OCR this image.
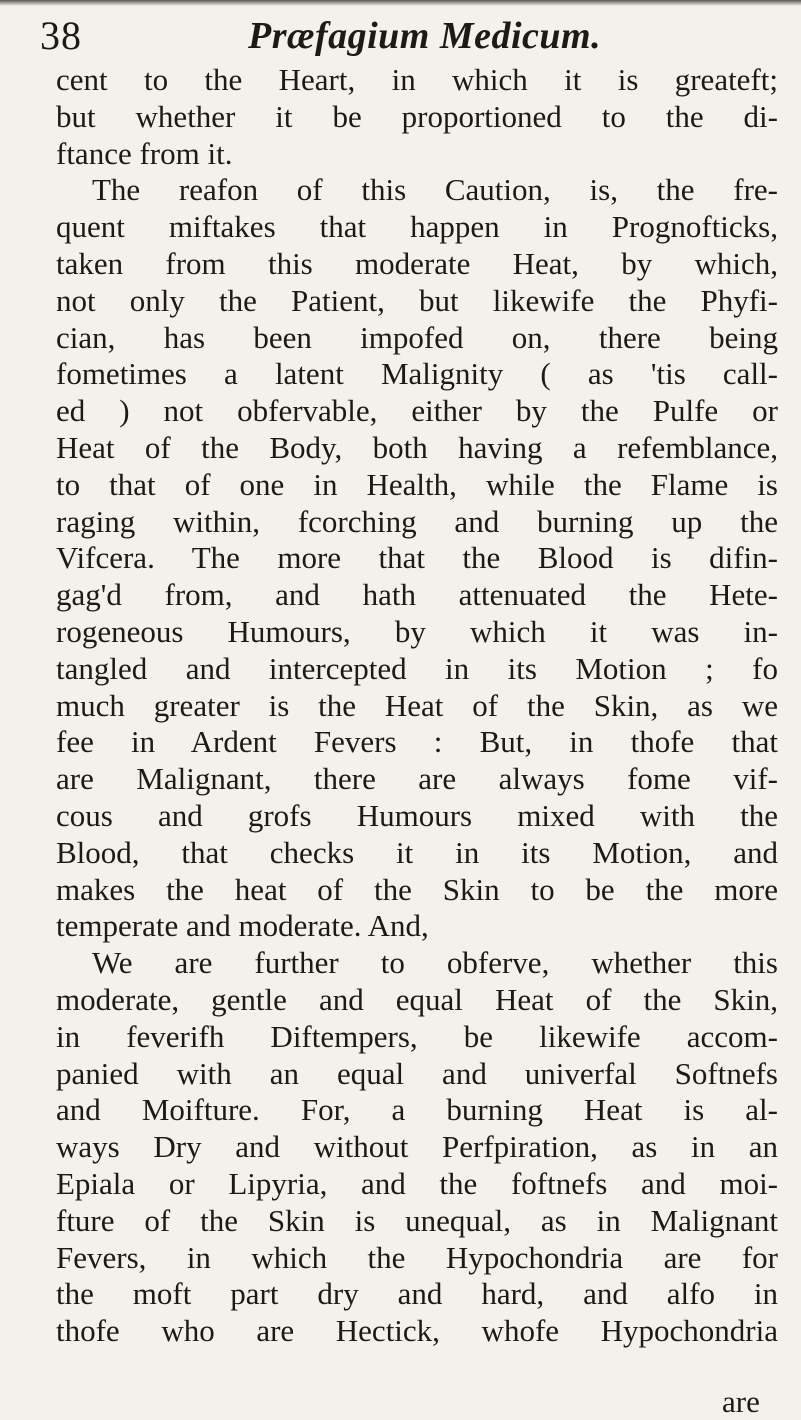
38	Præfagium Medicum.
cent to the Heart, in which it is greateft;
but whether it be proportioned to the di-
ftance from it.
The reafon of this Caution, is, the fre-
quent miftakes that happen in Prognofticks,
taken from this moderate Heat, by which,
not only the Patient, but likewife the Phyfi-
cian, has been impofed on, there being
fometimes a latent Malignity ( as 'tis call-
ed ) not obfervable, either by the Pulfe or
Heat of the Body, both having a refemblance,
to that of one in Health, while the Flame is
raging within, fcorching and burning up the
Vifcera. The more that the Blood is difin-
gag'd from, and hath attenuated the Hete-
rogeneous Humours, by which it was in-
tangled and intercepted in its Motion ; fo
much greater is the Heat of the Skin, as we
fee in Ardent Fevers : But, in thofe that
are Malignant, there are always fome vif-
cous and grofs Humours mixed with the
Blood, that checks it in its Motion, and
makes the heat of the Skin to be the more
temperate and moderate. And,
We are further to obferve, whether this
moderate, gentle and equal Heat of the Skin,
in feverifh Diftempers, be likewife accom-
panied with an equal and univerfal Softnefs
and Moifture. For, a burning Heat is al-
ways Dry and without Perfpiration, as in an
Epiala or Lipyria, and the foftnefs and moi-
fture of the Skin is unequal, as in Malignant
Fevers, in which the Hypochondria are for
the moft part dry and hard, and alfo in
thofe who are Hectick, whofe Hypochondria
are
